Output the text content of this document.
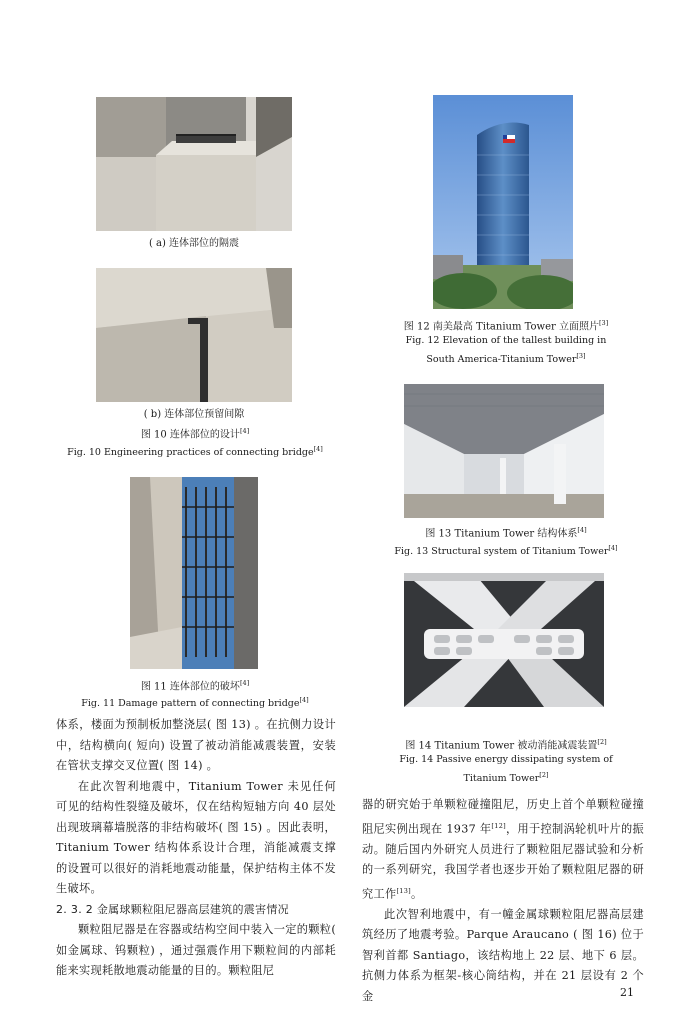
( a) 连体部位的隔震
( b) 连体部位预留间隙
图 10 连体部位的设计[4]
Fig. 10 Engineering practices of connecting bridge[4]
图 11 连体部位的破坏[4]
Fig. 11 Damage pattern of connecting bridge[4]

体系，楼面为预制板加整浇层( 图 13) 。在抗侧力设计中，结构横向( 短向) 设置了被动消能减震装置，安装在管状支撑交叉位置( 图 14) 。

在此次智利地震中，Titanium Tower 未见任何可见的结构性裂缝及破坏，仅在结构短轴方向 40 层处出现玻璃幕墙脱落的非结构破坏( 图 15) 。因此表明，Titanium Tower 结构体系设计合理，消能减震支撑的设置可以很好的消耗地震动能量，保护结构主体不发生破坏。

2. 3. 2 金属球颗粒阻尼器高层建筑的震害情况

颗粒阻尼器是在容器或结构空间中装入一定的颗粒( 如金属球、钨颗粒) ，通过强震作用下颗粒间的内部耗能来实现耗散地震动能量的目的。颗粒阻尼

图 12 南美最高 Titanium Tower 立面照片[3]
Fig. 12 Elevation of the tallest building in
South America-Titanium Tower[3]
图 13 Titanium Tower 结构体系[4]
Fig. 13 Structural system of Titanium Tower[4]
图 14 Titanium Tower 被动消能减震装置[2]
Fig. 14 Passive energy dissipating system of
Titanium Tower[2]

器的研究始于单颗粒碰撞阻尼，历史上首个单颗粒碰撞阻尼实例出现在 1937 年[12]，用于控制涡轮机叶片的振动。随后国内外研究人员进行了颗粒阻尼器试验和分析的一系列研究，我国学者也逐步开始了颗粒阻尼器的研究工作[13]。

此次智利地震中，有一幢金属球颗粒阻尼器高层建筑经历了地震考验。Parque Araucano ( 图 16) 位于智利首都 Santiago，该结构地上 22 层、地下 6 层。抗侧力体系为框架-核心筒结构，并在 21 层设有 2 个金	21
